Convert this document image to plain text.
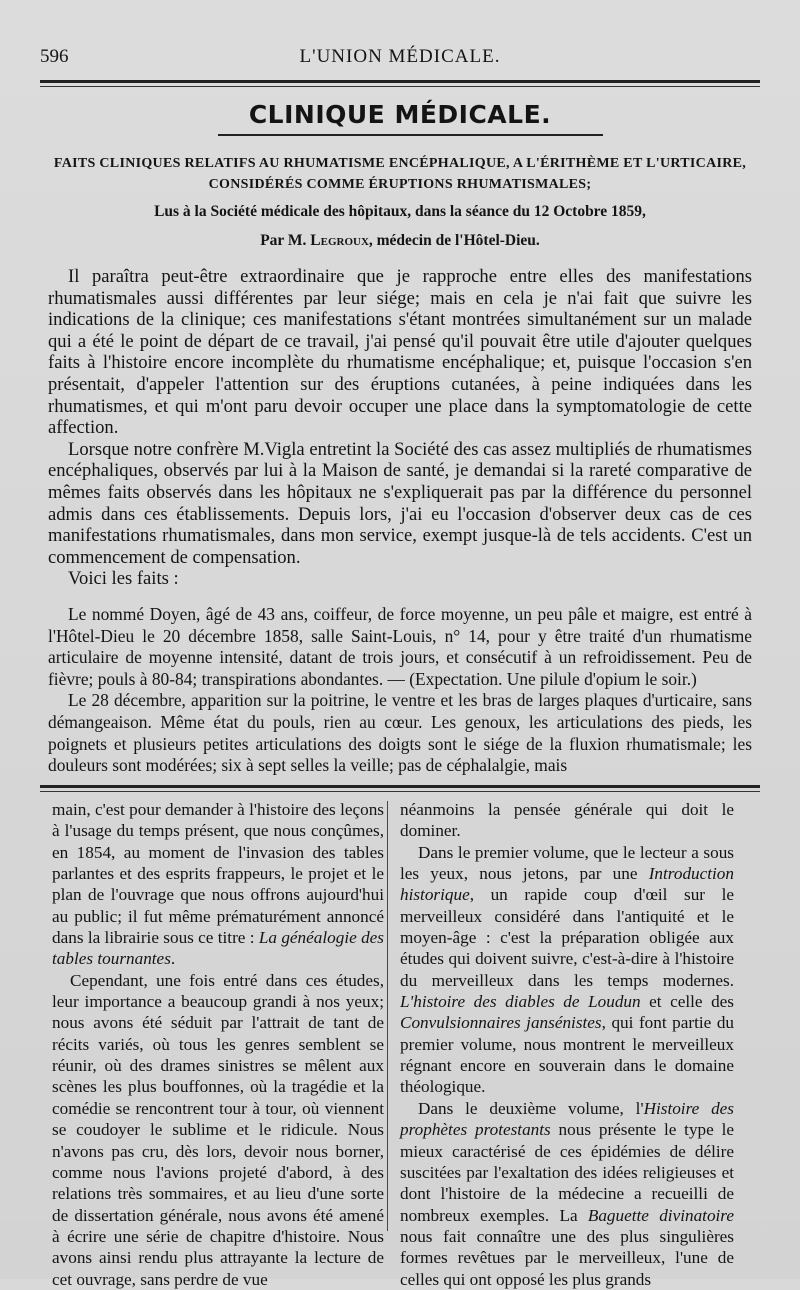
596	L'UNION MÉDICALE.
CLINIQUE MÉDICALE.
FAITS CLINIQUES RELATIFS AU RHUMATISME ENCÉPHALIQUE, A L'ÉRITHÈME ET L'URTICAIRE, CONSIDÉRÉS COMME ÉRUPTIONS RHUMATISMALES;
Lus à la Société médicale des hôpitaux, dans la séance du 12 Octobre 1859,
Par M. Legroux, médecin de l'Hôtel-Dieu.

Il paraîtra peut-être extraordinaire que je rapproche entre elles des manifestations rhumatismales aussi différentes par leur siége; mais en cela je n'ai fait que suivre les indications de la clinique; ces manifestations s'étant montrées simultanément sur un malade qui a été le point de départ de ce travail, j'ai pensé qu'il pouvait être utile d'ajouter quelques faits à l'histoire encore incomplète du rhumatisme encéphalique; et, puisque l'occasion s'en présentait, d'appeler l'attention sur des éruptions cutanées, à peine indiquées dans les rhumatismes, et qui m'ont paru devoir occuper une place dans la symptomatologie de cette affection.

Lorsque notre confrère M.Vigla entretint la Société des cas assez multipliés de rhumatismes encéphaliques, observés par lui à la Maison de santé, je demandai si la rareté comparative de mêmes faits observés dans les hôpitaux ne s'expliquerait pas par la différence du personnel admis dans ces établissements. Depuis lors, j'ai eu l'occasion d'observer deux cas de ces manifestations rhumatismales, dans mon service, exempt jusque-là de tels accidents. C'est un commencement de compensation.

Voici les faits :

Le nommé Doyen, âgé de 43 ans, coiffeur, de force moyenne, un peu pâle et maigre, est entré à l'Hôtel-Dieu le 20 décembre 1858, salle Saint-Louis, n° 14, pour y être traité d'un rhumatisme articulaire de moyenne intensité, datant de trois jours, et consécutif à un refroidissement. Peu de fièvre; pouls à 80-84; transpirations abondantes. — (Expectation. Une pilule d'opium le soir.)

Le 28 décembre, apparition sur la poitrine, le ventre et les bras de larges plaques d'urticaire, sans démangeaison. Même état du pouls, rien au cœur. Les genoux, les articulations des pieds, les poignets et plusieurs petites articulations des doigts sont le siége de la fluxion rhumatismale; les douleurs sont modérées; six à sept selles la veille; pas de céphalalgie, mais

main, c'est pour demander à l'histoire des leçons à l'usage du temps présent, que nous conçûmes, en 1854, au moment de l'invasion des tables parlantes et des esprits frappeurs, le projet et le plan de l'ouvrage que nous offrons aujourd'hui au public; il fut même prématurément annoncé dans la librairie sous ce titre : La généalogie des tables tournantes.

Cependant, une fois entré dans ces études, leur importance a beaucoup grandi à nos yeux; nous avons été séduit par l'attrait de tant de récits variés, où tous les genres semblent se réunir, où des drames sinistres se mêlent aux scènes les plus bouffonnes, où la tragédie et la comédie se rencontrent tour à tour, où viennent se coudoyer le sublime et le ridicule. Nous n'avons pas cru, dès lors, devoir nous borner, comme nous l'avions projeté d'abord, à des relations très sommaires, et au lieu d'une sorte de dissertation générale, nous avons été amené à écrire une série de chapitre d'histoire. Nous avons ainsi rendu plus attrayante la lecture de cet ouvrage, sans perdre de vue

néanmoins la pensée générale qui doit le dominer.

Dans le premier volume, que le lecteur a sous les yeux, nous jetons, par une Introduction historique, un rapide coup d'œil sur le merveilleux considéré dans l'antiquité et le moyen-âge : c'est la préparation obligée aux études qui doivent suivre, c'est-à-dire à l'histoire du merveilleux dans les temps modernes. L'histoire des diables de Loudun et celle des Convulsionnaires jansénistes, qui font partie du premier volume, nous montrent le merveilleux régnant encore en souverain dans le domaine théologique.

Dans le deuxième volume, l'Histoire des prophètes protestants nous présente le type le mieux caractérisé de ces épidémies de délire suscitées par l'exaltation des idées religieuses et dont l'histoire de la médecine a recueilli de nombreux exemples. La Baguette divinatoire nous fait connaître une des plus singulières formes revêtues par le merveilleux, l'une de celles qui ont opposé les plus grands
